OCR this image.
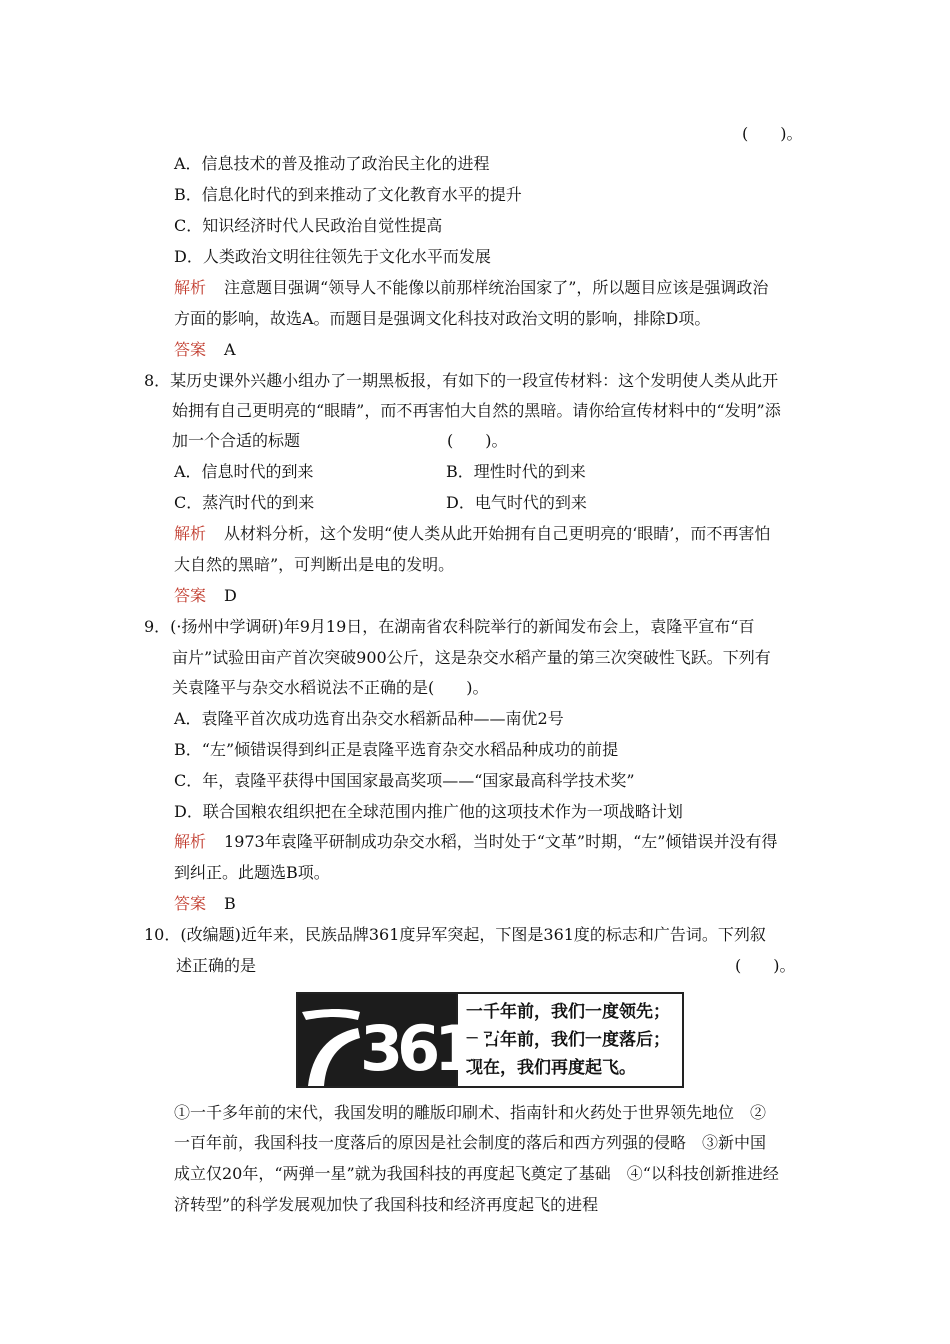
(　　)。
A．信息技术的普及推动了政治民主化的进程
B．信息化时代的到来推动了文化教育水平的提升
C．知识经济时代人民政治自觉性提高
D．人类政治文明往往领先于文化水平而发展
解析 注意题目强调“领导人不能像以前那样统治国家了”，所以题目应该是强调政治
方面的影响，故选A。而题目是强调文化科技对政治文明的影响，排除D项。
答案 A
8．某历史课外兴趣小组办了一期黑板报，有如下的一段宣传材料：这个发明使人类从此开
始拥有自己更明亮的“眼睛”，而不再害怕大自然的黑暗。请你给宣传材料中的“发明”添
加一个合适的标题	(　　)。
A．信息时代的到来	B．理性时代的到来
C．蒸汽时代的到来	D．电气时代的到来
解析 从材料分析，这个发明“使人类从此开始拥有自己更明亮的‘眼睛’，而不再害怕
大自然的黑暗”，可判断出是电的发明。
答案 D
9．(·扬州中学调研)年9月19日，在湖南省农科院举行的新闻发布会上，袁隆平宣布“百
亩片”试验田亩产首次突破900公斤，这是杂交水稻产量的第三次突破性飞跃。下列有
关袁隆平与杂交水稻说法不正确的是(　　)。
A．袁隆平首次成功选育出杂交水稻新品种——南优2号
B．“左”倾错误得到纠正是袁隆平选育杂交水稻品种成功的前提
C．年，袁隆平获得中国国家最高奖项——“国家最高科学技术奖”
D．联合国粮农组织把在全球范围内推广他的这项技术作为一项战略计划
解析 1973年袁隆平研制成功杂交水稻，当时处于“文革”时期，“左”倾错误并没有得
到纠正。此题选B项。
答案 B
10．(改编题)近年来，民族品牌361度异军突起，下图是361度的标志和广告词。下列叙
述正确的是	(　　)。
361°
一千年前，我们一度领先；
一百年前，我们一度落后；
现在，我们再度起飞。
①一千多年前的宋代，我国发明的雕版印刷术、指南针和火药处于世界领先地位　②
一百年前，我国科技一度落后的原因是社会制度的落后和西方列强的侵略　③新中国
成立仅20年，“两弹一星”就为我国科技的再度起飞奠定了基础　④“以科技创新推进经
济转型”的科学发展观加快了我国科技和经济再度起飞的进程
